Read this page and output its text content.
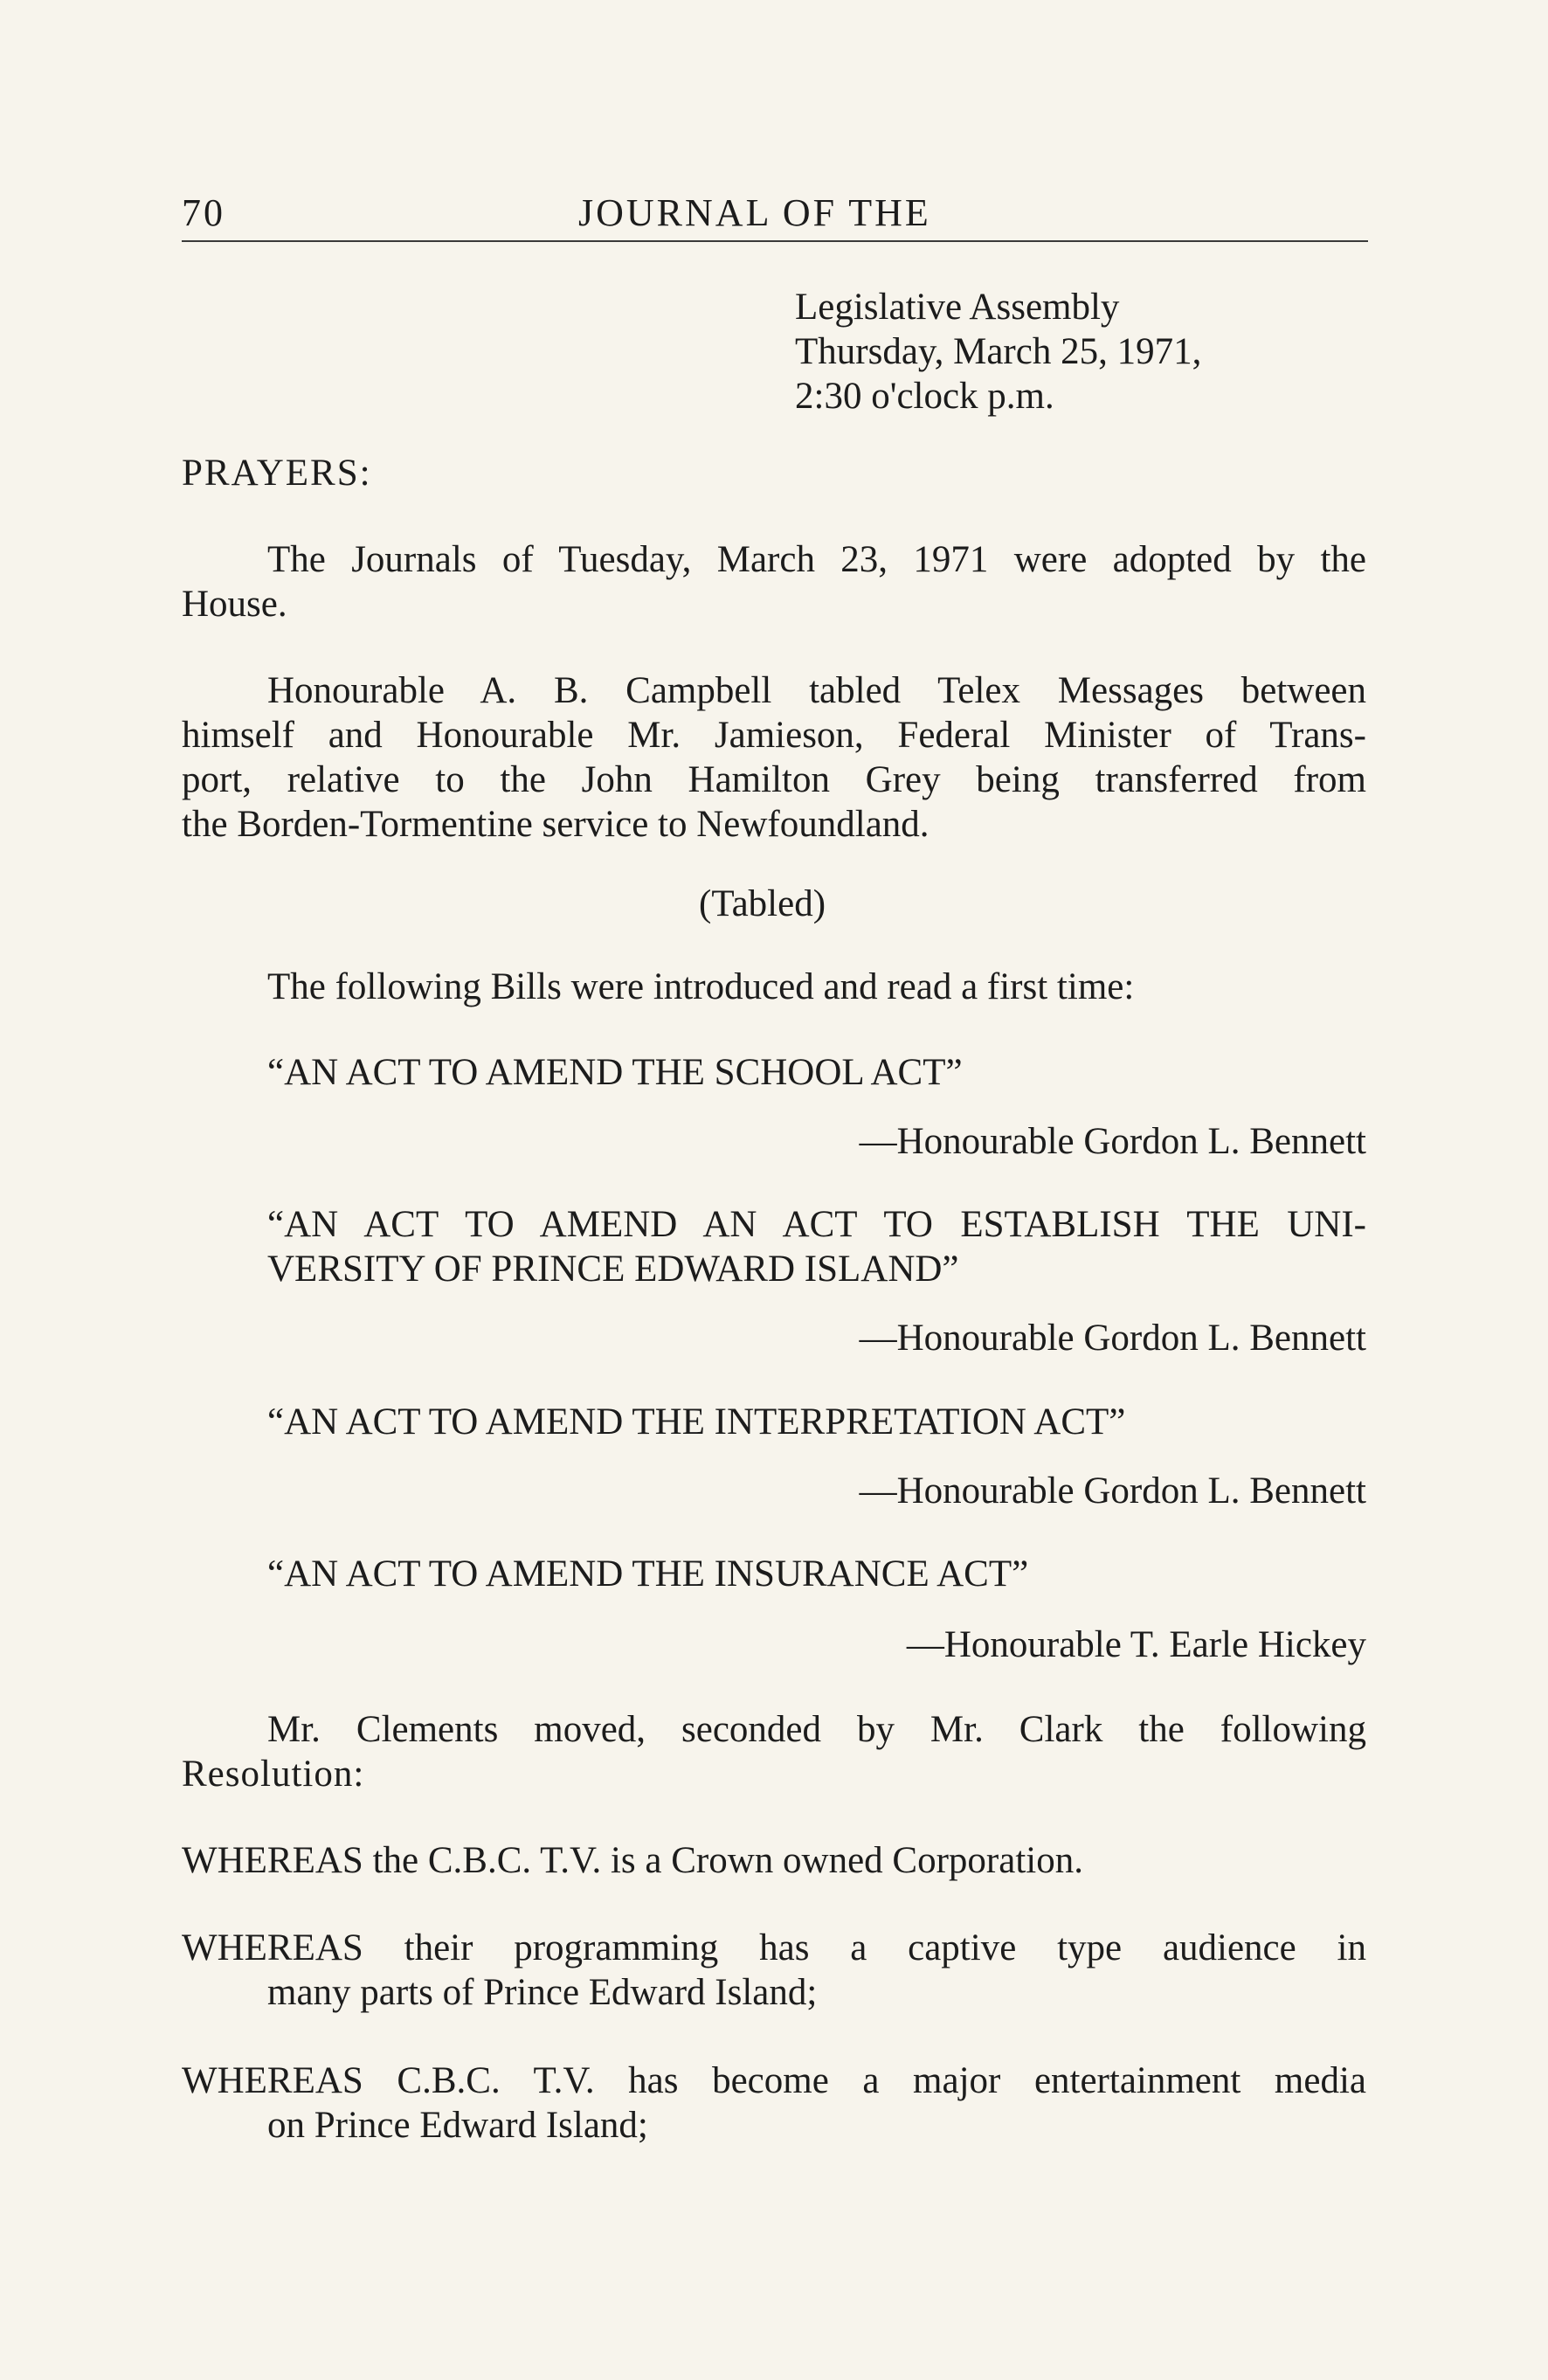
70	JOURNAL OF THE
Legislative Assembly
Thursday, March 25, 1971,
2:30 o'clock p.m.
PRAYERS:
The Journals of Tuesday, March 23, 1971 were adopted by the
House.
Honourable A. B. Campbell tabled Telex Messages between
himself and Honourable Mr. Jamieson, Federal Minister of Trans-
port, relative to the John Hamilton Grey being transferred from
the Borden-Tormentine service to Newfoundland.
(Tabled)
The following Bills were introduced and read a first time:
“AN ACT TO AMEND THE SCHOOL ACT”
—Honourable Gordon L. Bennett
“AN ACT TO AMEND AN ACT TO ESTABLISH THE UNI-
VERSITY OF PRINCE EDWARD ISLAND”
—Honourable Gordon L. Bennett
“AN ACT TO AMEND THE INTERPRETATION ACT”
—Honourable Gordon L. Bennett
“AN ACT TO AMEND THE INSURANCE ACT”
—Honourable T. Earle Hickey
Mr. Clements moved, seconded by Mr. Clark the following
Resolution:
WHEREAS the C.B.C. T.V. is a Crown owned Corporation.
WHEREAS their programming has a captive type audience in
many parts of Prince Edward Island;
WHEREAS C.B.C. T.V. has become a major entertainment media
on Prince Edward Island;
